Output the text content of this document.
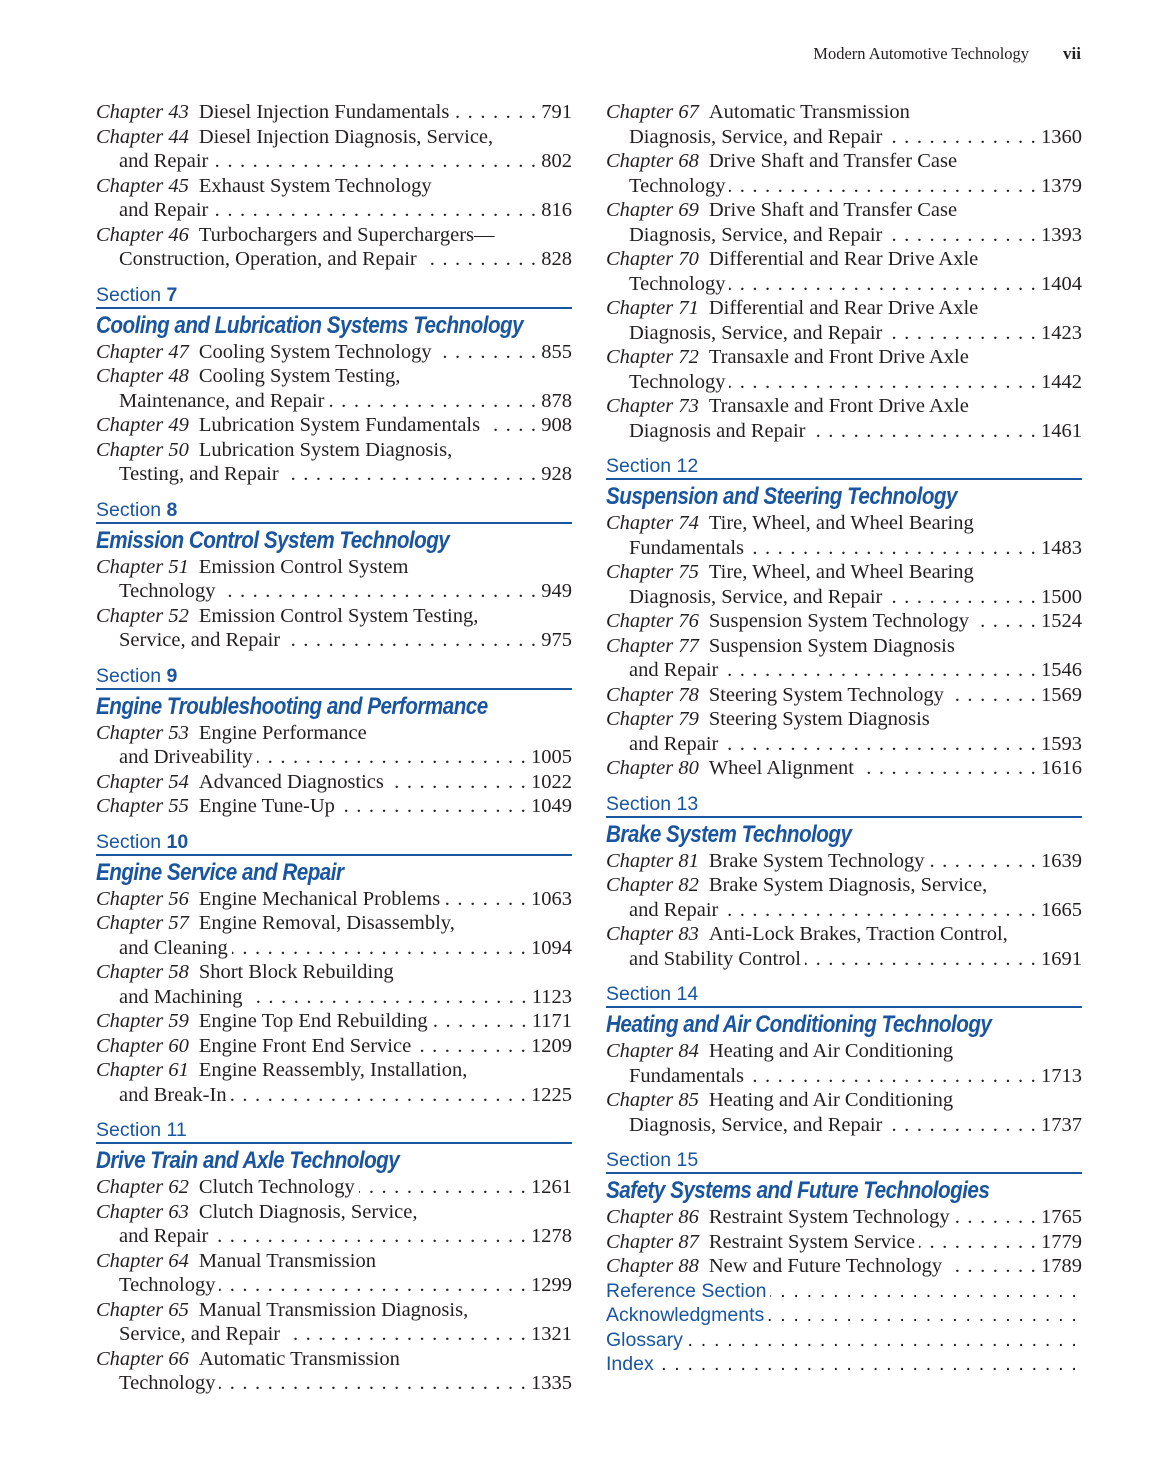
Modern Automotive Technology vii
Chapter 43 Diesel Injection Fundamentals . . .	791
Chapter 44 Diesel Injection Diagnosis, Service,
and Repair . . .	802
Chapter 45 Exhaust System Technology
and Repair . . .	816
Chapter 46 Turbochargers and Superchargers—
Construction, Operation, and Repair . . .	828
Section 7
Cooling and Lubrication Systems Technology
Chapter 47 Cooling System Technology . . .	855
Chapter 48 Cooling System Testing,
Maintenance, and Repair . . .	878
Chapter 49 Lubrication System Fundamentals . . .	908
Chapter 50 Lubrication System Diagnosis,
Testing, and Repair . . .	928
Section 8
Emission Control System Technology
Chapter 51 Emission Control System
Technology . . .	949
Chapter 52 Emission Control System Testing,
Service, and Repair . . .	975
Section 9
Engine Troubleshooting and Performance
Chapter 53 Engine Performance
and Driveability . . .	1005
Chapter 54 Advanced Diagnostics . . .	1022
Chapter 55 Engine Tune-Up . . .	1049
Section 10
Engine Service and Repair
Chapter 56 Engine Mechanical Problems . . .	1063
Chapter 57 Engine Removal, Disassembly,
and Cleaning . . .	1094
Chapter 58 Short Block Rebuilding
and Machining . . .	1123
Chapter 59 Engine Top End Rebuilding . . .	1171
Chapter 60 Engine Front End Service . . .	1209
Chapter 61 Engine Reassembly, Installation,
and Break-In . . .	1225
Section 11
Drive Train and Axle Technology
Chapter 62 Clutch Technology . . .	1261
Chapter 63 Clutch Diagnosis, Service,
and Repair . . .	1278
Chapter 64 Manual Transmission
Technology . . .	1299
Chapter 65 Manual Transmission Diagnosis,
Service, and Repair . . .	1321
Chapter 66 Automatic Transmission
Technology . . .	1335
Chapter 67 Automatic Transmission
Diagnosis, Service, and Repair . . .	1360
Chapter 68 Drive Shaft and Transfer Case
Technology . . .	1379
Chapter 69 Drive Shaft and Transfer Case
Diagnosis, Service, and Repair . . .	1393
Chapter 70 Differential and Rear Drive Axle
Technology . . .	1404
Chapter 71 Differential and Rear Drive Axle
Diagnosis, Service, and Repair . . .	1423
Chapter 72 Transaxle and Front Drive Axle
Technology . . .	1442
Chapter 73 Transaxle and Front Drive Axle
Diagnosis and Repair . . .	1461
Section 12
Suspension and Steering Technology
Chapter 74 Tire, Wheel, and Wheel Bearing
Fundamentals . . .	1483
Chapter 75 Tire, Wheel, and Wheel Bearing
Diagnosis, Service, and Repair . . .	1500
Chapter 76 Suspension System Technology . . .	1524
Chapter 77 Suspension System Diagnosis
and Repair . . .	1546
Chapter 78 Steering System Technology . . .	1569
Chapter 79 Steering System Diagnosis
and Repair . . .	1593
Chapter 80 Wheel Alignment . . .	1616
Section 13
Brake System Technology
Chapter 81 Brake System Technology . . .	1639
Chapter 82 Brake System Diagnosis, Service,
and Repair . . .	1665
Chapter 83 Anti-Lock Brakes, Traction Control,
and Stability Control . . .	1691
Section 14
Heating and Air Conditioning Technology
Chapter 84 Heating and Air Conditioning
Fundamentals . . .	1713
Chapter 85 Heating and Air Conditioning
Diagnosis, Service, and Repair . . .	1737
Section 15
Safety Systems and Future Technologies
Chapter 86 Restraint System Technology . . .	1765
Chapter 87 Restraint System Service . . .	1779
Chapter 88 New and Future Technology . . .	1789
Reference Section
. . .
Acknowledgments
. . .
Glossary
. . .
Index
. . .
